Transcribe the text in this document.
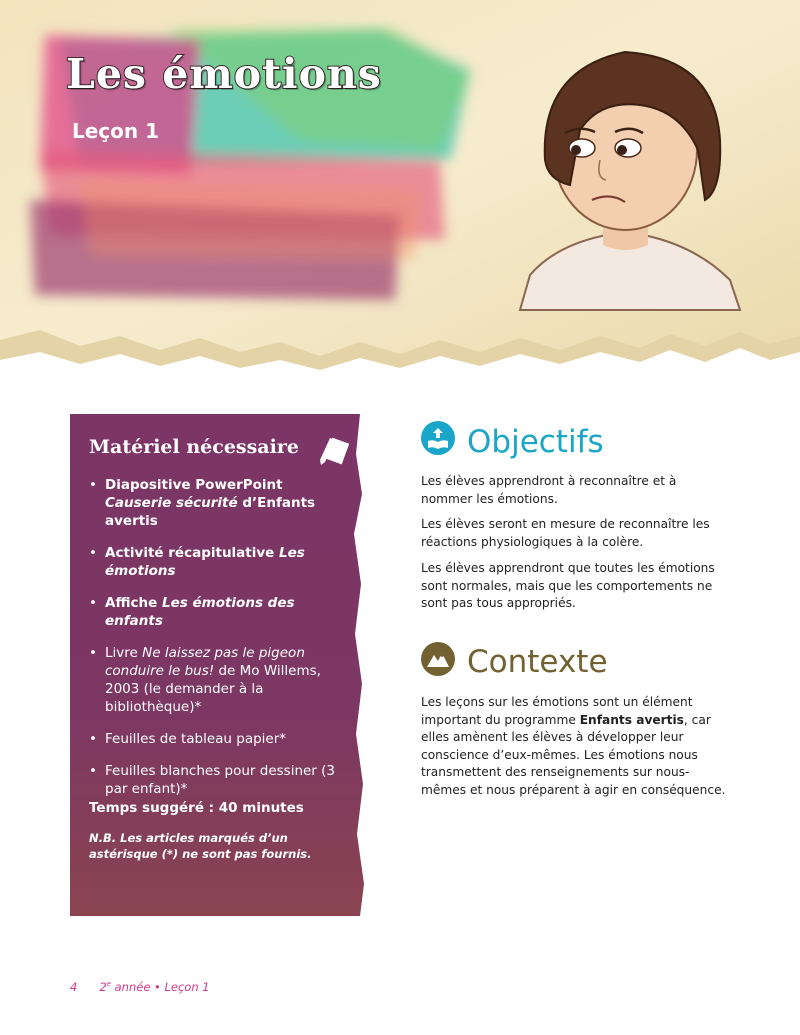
Les émotions
Leçon 1
Matériel nécessaire
• Diapositive PowerPoint Causerie sécurité d’Enfants avertis
• Activité récapitulative Les émotions
• Affiche Les émotions des enfants
• Livre Ne laissez pas le pigeon conduire le bus! de Mo Willems, 2003 (le demander à la bibliothèque)*
• Feuilles de tableau papier*
• Feuilles blanches pour dessiner (3 par enfant)*

Temps suggéré : 40 minutes

N.B. Les articles marqués d’un astérisque (*) ne sont pas fournis.

Objectifs

Les élèves apprendront à reconnaître et à nommer les émotions.

Les élèves seront en mesure de reconnaître les réactions physiologiques à la colère.

Les élèves apprendront que toutes les émotions sont normales, mais que les comportements ne sont pas tous appropriés.

Contexte

Les leçons sur les émotions sont un élément important du programme Enfants avertis, car elles amènent les élèves à développer leur conscience d’eux-mêmes. Les émotions nous transmettent des renseignements sur nous-mêmes et nous préparent à agir en conséquence.

4 2e année • Leçon 1
